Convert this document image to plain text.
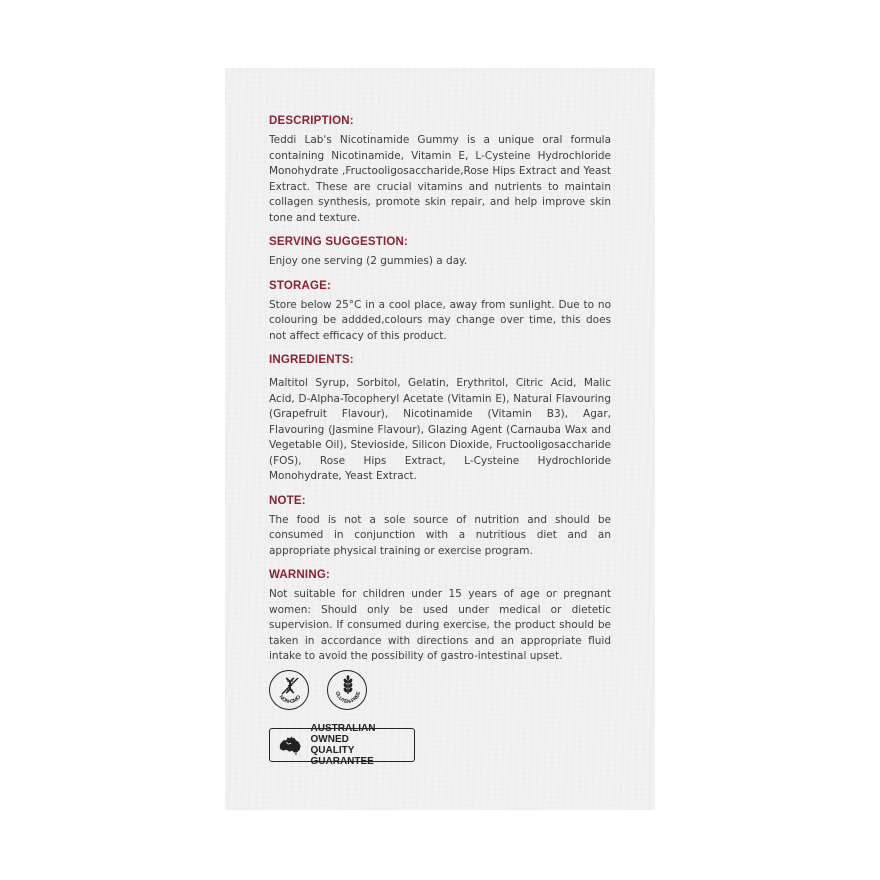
DESCRIPTION:

Teddi Lab's Nicotinamide Gummy is a unique oral formula containing Nicotinamide, Vitamin E, L-Cysteine Hydrochloride Monohydrate ,Fructooligosaccharide,Rose Hips Extract and Yeast Extract. These are crucial vitamins and nutrients to maintain collagen synthesis, promote skin repair, and help improve skin tone and texture.

SERVING SUGGESTION:

Enjoy one serving (2 gummies) a day.

STORAGE:

Store below 25°C in a cool place, away from sunlight. Due to no colouring be addded,colours may change over time, this does not affect efficacy of this product.

INGREDIENTS:

Maltitol Syrup, Sorbitol, Gelatin, Erythritol, Citric Acid, Malic Acid, D-Alpha-Tocopheryl Acetate (Vitamin E), Natural Flavouring (Grapefruit Flavour), Nicotinamide (Vitamin B3), Agar, Flavouring (Jasmine Flavour), Glazing Agent (Carnauba Wax and Vegetable Oil), Stevioside, Silicon Dioxide, Fructooligosaccharide (FOS), Rose Hips Extract, L-Cysteine Hydrochloride Monohydrate, Yeast Extract.

NOTE:

The food is not a sole source of nutrition and should be consumed in conjunction with a nutritious diet and an appropriate physical training or exercise program.

WARNING:

Not suitable for children under 15 years of age or pregnant women: Should only be used under medical or dietetic supervision. If consumed during exercise, the product should be taken in accordance with directions and an appropriate fluid intake to avoid the possibility of gastro-intestinal upset.

NON-GMO
GLUTEN-FREE
AUSTRALIAN OWNED
QUALITY GUARANTEE
